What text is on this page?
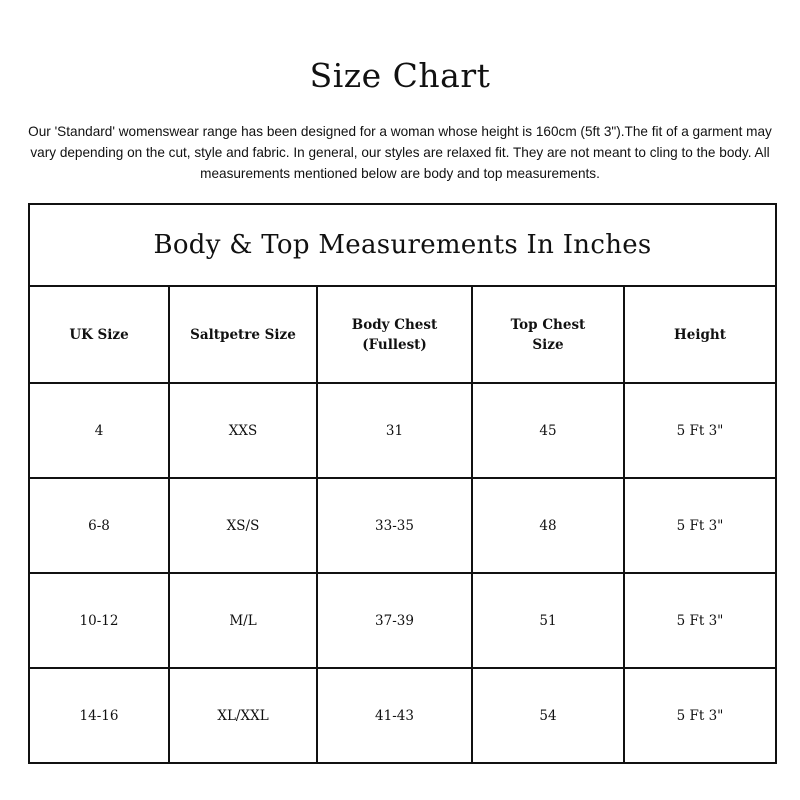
Size Chart

Our 'Standard' womenswear range has been designed for a woman whose height is 160cm (5ft 3").The fit of a garment may vary depending on the cut, style and fabric. In general, our styles are relaxed fit. They are not meant to cling to the body. All measurements mentioned below are body and top measurements.

Body & Top Measurements In Inches				
UK Size	Saltpetre Size	Body Chest (Fullest)	Top Chest Size	Height
4	XXS	31	45	5 Ft 3"
6-8	XS/S	33-35	48	5 Ft 3"
10-12	M/L	37-39	51	5 Ft 3"
14-16	XL/XXL	41-43	54	5 Ft 3"
